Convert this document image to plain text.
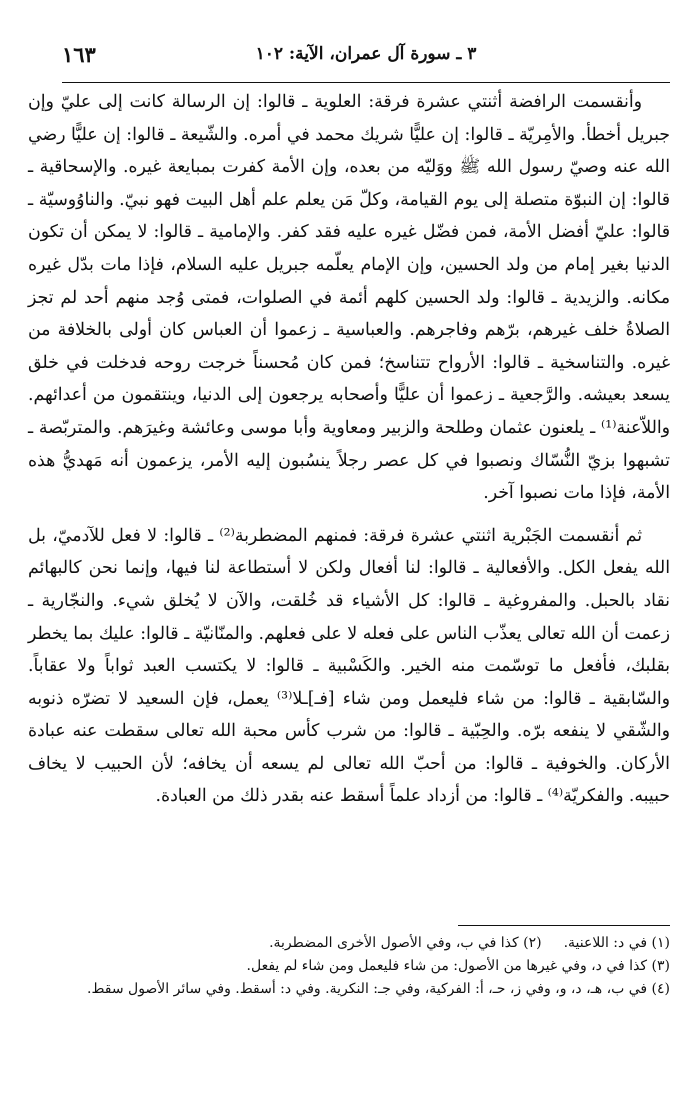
٣ ـ سورة آل عمران، الآية: ١٠٢
١٦٣

وأنقسمت الرافضة أثنتي عشرة فرقة: العلوية ـ قالوا: إن الرسالة كانت إلى عليّ وإن جبريل أخطأ. والأمِريّة ـ قالوا: إن عليًّا شريك محمد في أمره. والشّيعة ـ قالوا: إن عليًّا رضي الله عنه وصيّ رسول الله ﷺ ووَليّه من بعده، وإن الأمة كفرت بمبايعة غيره. والإسحاقية ـ قالوا: إن النبوّة متصلة إلى يوم القيامة، وكلّ مَن يعلم علم أهل البيت فهو نبيّ. والناوُوسيّة ـ قالوا: عليّ أفضل الأمة، فمن فضّل غيره عليه فقد كفر. والإمامية ـ قالوا: لا يمكن أن تكون الدنيا بغير إمام من ولد الحسين، وإن الإمام يعلّمه جبريل عليه السلام، فإذا مات بدّل غيره مكانه. والزيدية ـ قالوا: ولد الحسين كلهم أئمة في الصلوات، فمتى وُجد منهم أحد لم تجز الصلاةُ خلف غيرهم، برّهم وفاجرهم. والعباسية ـ زعموا أن العباس كان أولى بالخلافة من غيره. والتناسخية ـ قالوا: الأرواح تتناسخ؛ فمن كان مُحسناً خرجت روحه فدخلت في خلق يسعد بعيشه. والرَّجعية ـ زعموا أن عليًّا وأصحابه يرجعون إلى الدنيا، وينتقمون من أعدائهم. واللاّعنة⁽¹⁾ ـ يلعنون عثمان وطلحة والزبير ومعاوية وأبا موسى وعائشة وغيرَهم. والمتربّصة ـ تشبهوا بزيّ النُّسّاك ونصبوا في كل عصر رجلاً ينسُبون إليه الأمر، يزعمون أنه مَهديُّ هذه الأمة، فإذا مات نصبوا آخر.

ثم أنقسمت الجَبْرية اثنتي عشرة فرقة: فمنهم المضطربة⁽²⁾ ـ قالوا: لا فعل للآدميّ، بل الله يفعل الكل. والأفعالية ـ قالوا: لنا أفعال ولكن لا أستطاعة لنا فيها، وإنما نحن كالبهائم نقاد بالحبل. والمفروغية ـ قالوا: كل الأشياء قد خُلقت، والآن لا يُخلق شيء. والنجّارية ـ زعمت أن الله تعالى يعذّب الناس على فعله لا على فعلهم. والمنّانيّة ـ قالوا: عليك بما يخطر بقلبك، فأفعل ما توسّمت منه الخير. والكَسْبية ـ قالوا: لا يكتسب العبد ثواباً ولا عقاباً. والسّابقية ـ قالوا: من شاء فليعمل ومن شاء [فـ]ـلا⁽³⁾ يعمل، فإن السعيد لا تضرّه ذنوبه والشّقي لا ينفعه برّه. والحِبّية ـ قالوا: من شرب كأس محبة الله تعالى سقطت عنه عبادة الأركان. والخوفية ـ قالوا: من أحبّ الله تعالى لم يسعه أن يخافه؛ لأن الحبيب لا يخاف حبيبه. والفكريّة⁽⁴⁾ ـ قالوا: من أزداد علماً أسقط عنه بقدر ذلك من العبادة.

(١) في د: اللاعنية.(٢) كذا في ب، وفي الأصول الأخرى المضطربة.
(٣) كذا في د، وفي غيرها من الأصول: من شاء فليعمل ومن شاء لم يفعل.
(٤) في ب، هـ، د، و، وفي ز، حـ، أ: الفركية، وفي جـ: النكرية. وفي د: أسقط. وفي سائر الأصول سقط.
